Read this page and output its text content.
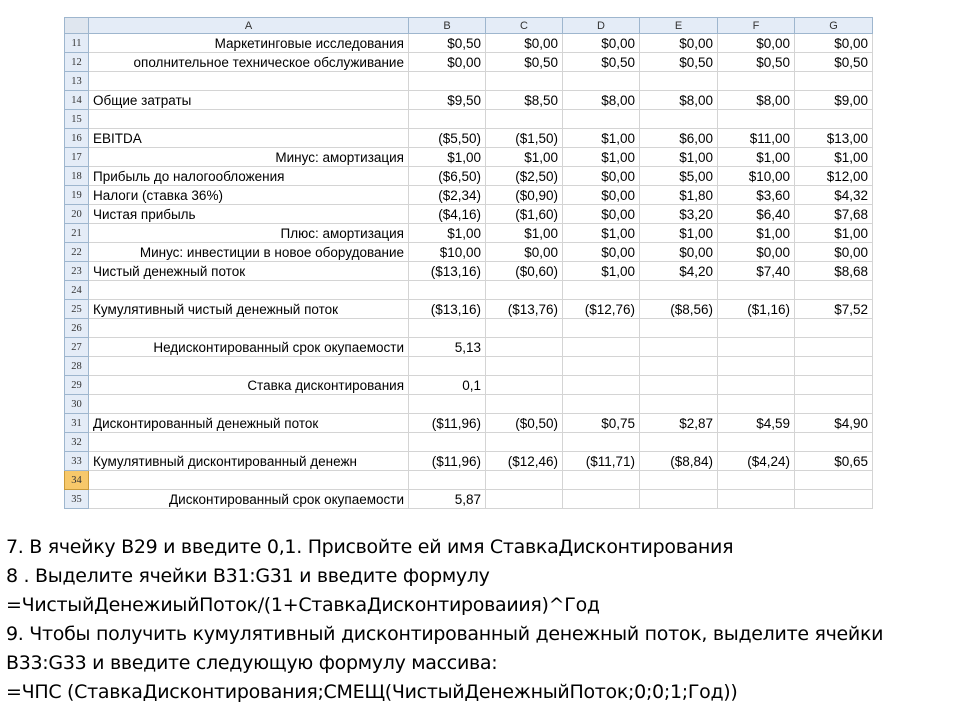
	A	B	C	D	E	F	G
11	Маркетинговые исследования	$0,50	$0,00	$0,00	$0,00	$0,00	$0,00
12	ополнительное техническое обслуживание	$0,00	$0,50	$0,50	$0,50	$0,50	$0,50
13							
14	Общие затраты	$9,50	$8,50	$8,00	$8,00	$8,00	$9,00
15							
16	EBITDA	($5,50)	($1,50)	$1,00	$6,00	$11,00	$13,00
17	Минус: амортизация	$1,00	$1,00	$1,00	$1,00	$1,00	$1,00
18	Прибыль до налогообложения	($6,50)	($2,50)	$0,00	$5,00	$10,00	$12,00
19	Налоги (ставка 36%)	($2,34)	($0,90)	$0,00	$1,80	$3,60	$4,32
20	Чистая прибыль	($4,16)	($1,60)	$0,00	$3,20	$6,40	$7,68
21	Плюс: амортизация	$1,00	$1,00	$1,00	$1,00	$1,00	$1,00
22	Минус: инвестиции в новое оборудование	$10,00	$0,00	$0,00	$0,00	$0,00	$0,00
23	Чистый денежный поток	($13,16)	($0,60)	$1,00	$4,20	$7,40	$8,68
24							
25	Кумулятивный чистый денежный поток	($13,16)	($13,76)	($12,76)	($8,56)	($1,16)	$7,52
26							
27	Недисконтированный срок окупаемости	5,13					
28							
29	Ставка дисконтирования	0,1					
30							
31	Дисконтированный денежный поток	($11,96)	($0,50)	$0,75	$2,87	$4,59	$4,90
32							
33	Кумулятивный дисконтированный денежн	($11,96)	($12,46)	($11,71)	($8,84)	($4,24)	$0,65
34							
35	Дисконтированный срок окупаемости	5,87					

7. В ячейку B29 и введите 0,1. Присвойте ей имя СтавкаДисконтирования

8 . Выделите ячейки B31:G31 и введите формулу

=ЧистыйДенежиыйПоток/(1+СтавкаДисконтироваиия)^Год

9. Чтобы получить кумулятивный дисконтированный денежный поток, выделите ячейки

B33:G33 и введите следующую формулу массива:

=ЧПС (СтавкаДисконтирования;СМЕЩ(ЧистыйДенежныйПоток;0;0;1;Год))
